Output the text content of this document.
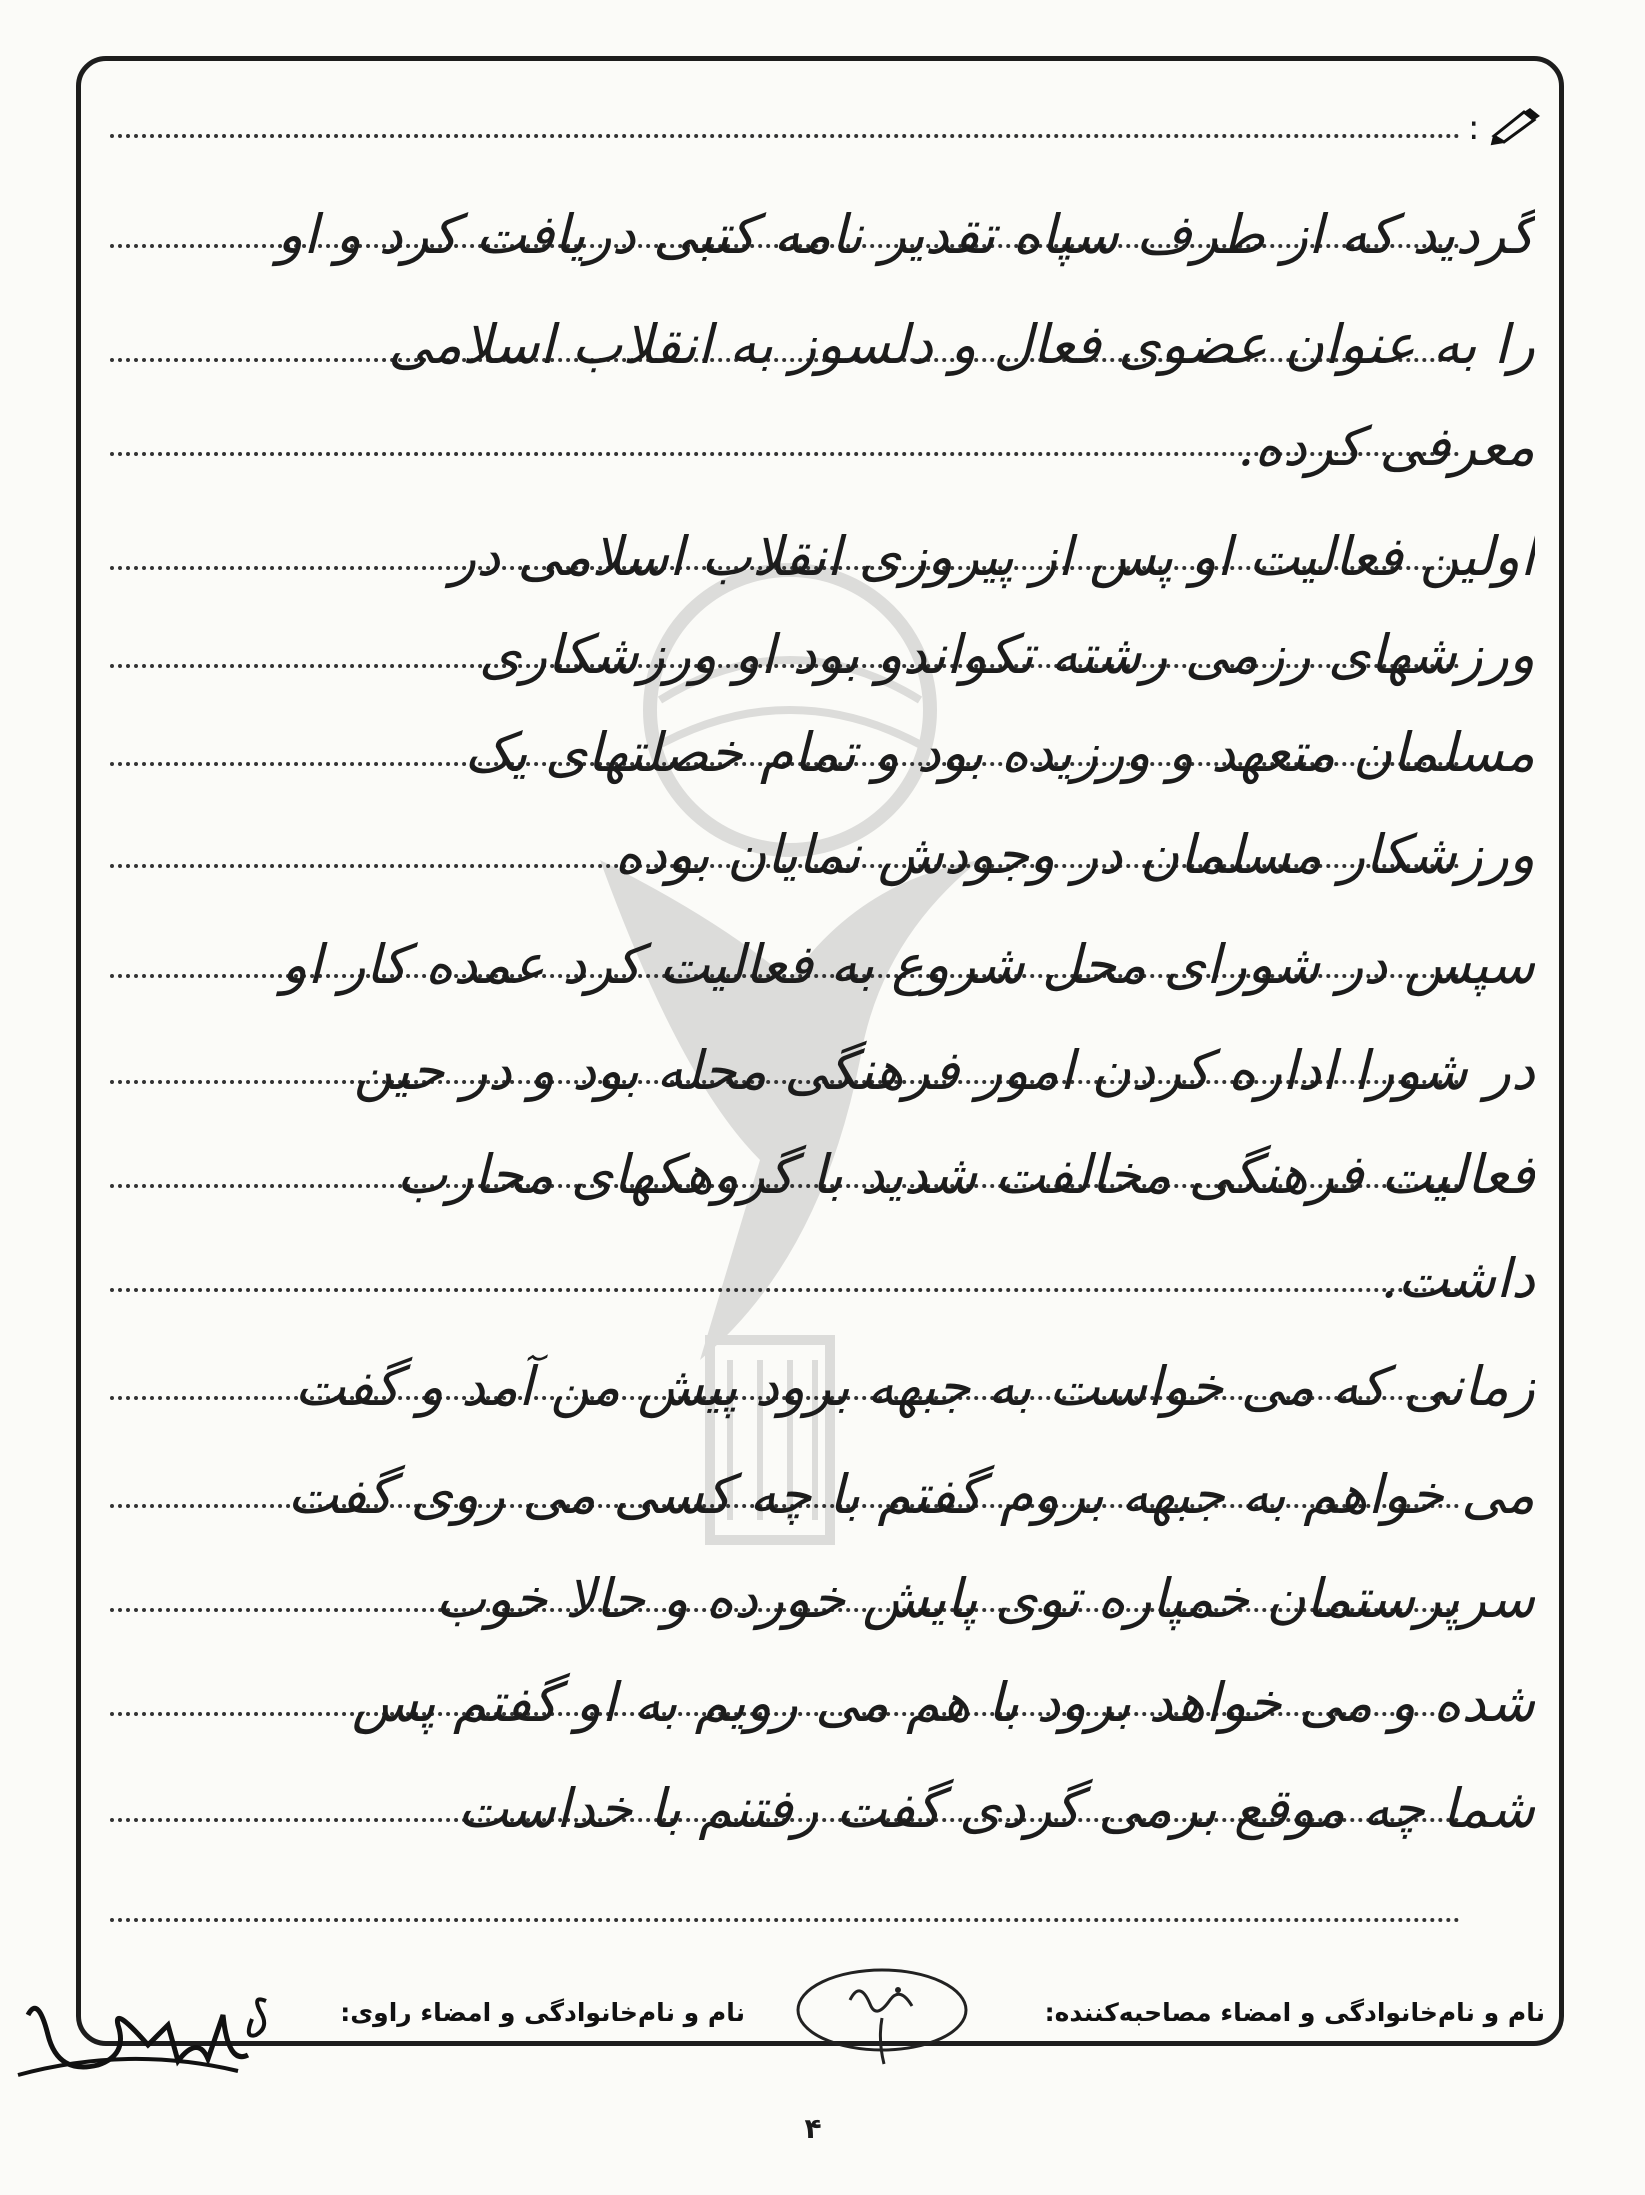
:
گردید که از طرف سپاه تقدیر نامه کتبی دریافت کرد و او
را به عنوان عضوی فعال و دلسوز به انقلاب اسلامی
معرفی کرده.
اولین فعالیت او پس از پیروزی انقلاب اسلامی در
ورزشهای رزمی رشته تکواندو بود او ورزشکاری
مسلمان متعهد و ورزیده بود و تمام خصلتهای یک
ورزشکار مسلمان در وجودش نمایان بوده
سپس در شورای محل شروع به فعالیت کرد عمده کار او
در شورا اداره کردن امور فرهنگی محله بود و در حین
فعالیت فرهنگی مخالفت شدید با گروهکهای محارب
داشت.
زمانی که می خواست به جبهه برود پیش من آمد و گفت
می خواهم به جبهه بروم گفتم با چه کسی می روی گفت
سرپرستمان خمپاره توی پایش خورده و حالا خوب
شده و می خواهد برود با هم می رویم به او گفتم پس
شما چه موقع برمی گردی گفت رفتنم با خداست
نام و نام‌خانوادگی و امضاء مصاحبه‌کننده:
نام و نام‌خانوادگی و امضاء راوی:
۴
